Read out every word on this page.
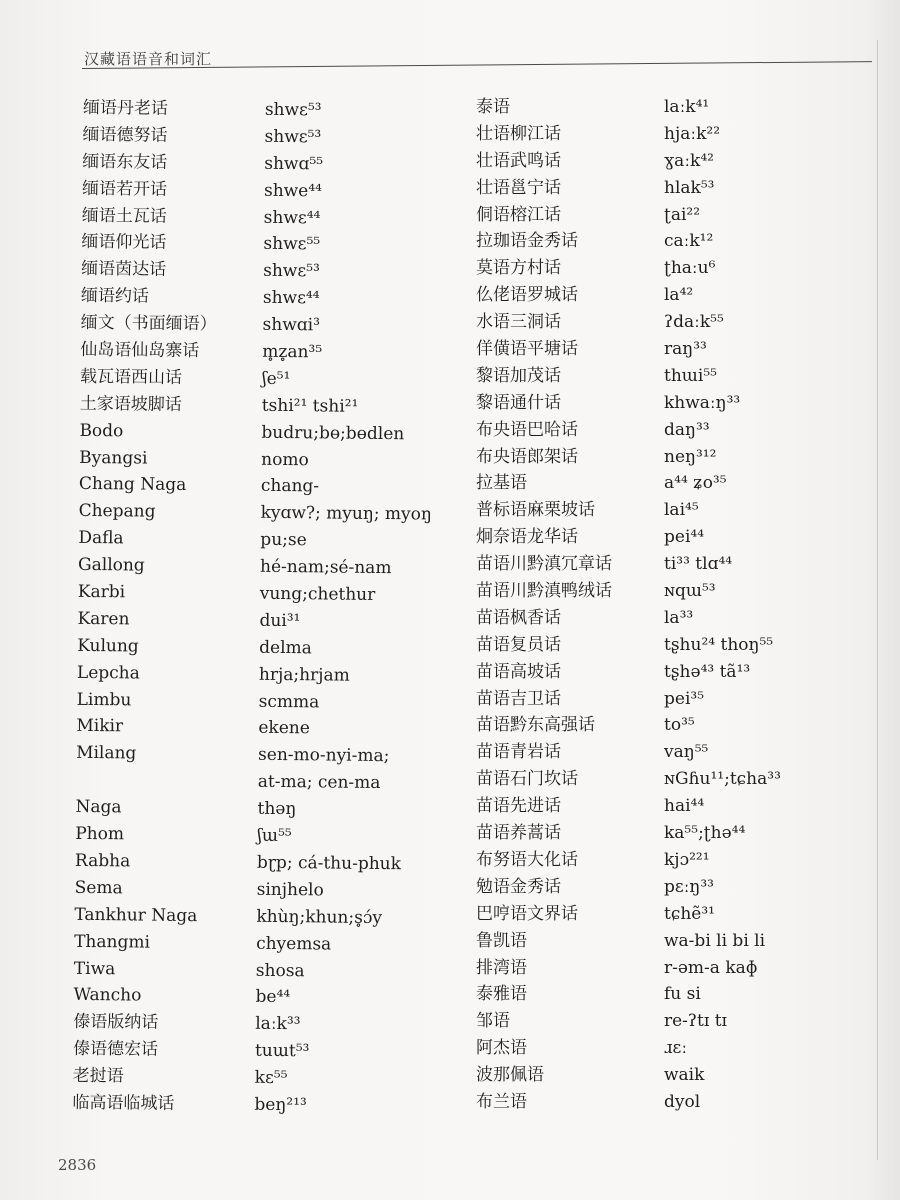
汉藏语语音和词汇
缅语丹老话
缅语德努话
缅语东友话
缅语若开话
缅语土瓦话
缅语仰光话
缅语茵达话
缅语约话
缅文（书面缅语）
仙岛语仙岛寨话
载瓦语西山话
土家语坡脚话
Bodo
Byangsi
Chang Naga
Chepang
Dafla
Gallong
Karbi
Karen
Kulung
Lepcha
Limbu
Mikir
Milang
Naga
Phom
Rabha
Sema
Tankhur Naga
Thangmi
Tiwa
Wancho
傣语版纳话
傣语德宏话
老挝语
临高语临城话
shwɛ⁵³
shwɛ⁵³
shwɑ⁵⁵
shwe⁴⁴
shwɛ⁴⁴
shwɛ⁵⁵
shwɛ⁵³
shwɛ⁴⁴
shwɑi³
m̥z̥an³⁵
ʃe⁵¹
tshi²¹ tshi²¹
budru;bɵ;bɵdlen
nomo
chang-
kyɑw?; myuŋ; myoŋ
pu;se
hé-nam;sé-nam
vung;chethur
dui³¹
delma
hrja;hrjam
scmma
ekene
sen-mo-nyi-ma;
at-ma; cen-ma
thəŋ
ʃɯ⁵⁵
bɽp; cá-thu-phuk
sinjhelo
khùŋ;khun;s̥ɔ́y
chyemsa
shosa
be⁴⁴
laːk³³
tuɯt⁵³
kɛ⁵⁵
beŋ²¹³
泰语
壮语柳江话
壮语武鸣话
壮语邕宁话
侗语榕江话
拉珈语金秀话
莫语方村话
仫佬语罗城话
水语三洞话
佯僙语平塘话
黎语加茂话
黎语通什话
布央语巴哈话
布央语郎架话
拉基语
普标语麻栗坡话
炯奈语龙华话
苗语川黔滇冗章话
苗语川黔滇鸭绒话
苗语枫香话
苗语复员话
苗语高坡话
苗语吉卫话
苗语黔东高强话
苗语青岩话
苗语石门坎话
苗语先进话
苗语养蒿话
布努语大化话
勉语金秀话
巴哼语文界话
鲁凯语
排湾语
泰雅语
邹语
阿杰语
波那佩语
布兰语
laːk⁴¹
hjaːk²²
ɣaːk⁴²
hlak⁵³
ʈai²²
caːk¹²
ʈhaːu⁶
la⁴²
ʔdaːk⁵⁵
raŋ³³
thɯi⁵⁵
khwaːŋ³³
daŋ³³
neŋ³¹²
a⁴⁴ ʑo³⁵
lai⁴⁵
pei⁴⁴
ti³³ tlɑ⁴⁴
ɴqɯ⁵³
la³³
tʂhu²⁴ thoŋ⁵⁵
tʂhə⁴³ tã¹³
pei³⁵
to³⁵
vaŋ⁵⁵
ɴGɦu¹¹;tɕha³³
hai⁴⁴
ka⁵⁵;ʈhə⁴⁴
kjɔ²²¹
pɛːŋ³³
tɕhẽ³¹
wa-bi li bi li
r-əm-a kaɸ
fu si
re-ʔtɪ tɪ
ɹɛː
waik
dyol
2836
